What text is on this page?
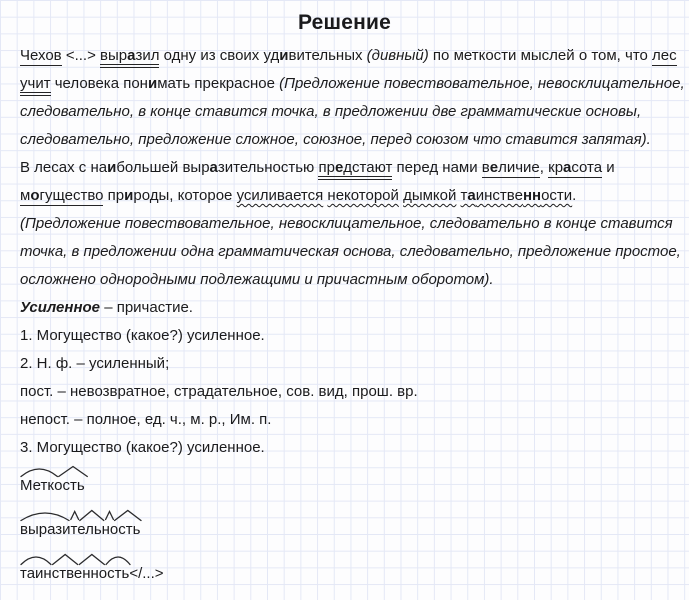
Решение
Чехов <...> выразил одну из своих удивительных (дивный) по меткости мыслей о том, что лес
учит человека понимать прекрасное (Предложение повествовательное, невосклицательное,
следовательно, в конце ставится точка, в предложении две грамматические основы,
следовательно, предложение сложное, союзное, перед союзом что ставится запятая).
В лесах с наибольшей выразительностью предстают перед нами величие, красота и
могущество природы, которое усиливается некоторой дымкой таинственности.
(Предложение повествовательное, невосклицательное, следовательно в конце ставится
точка, в предложении одна грамматическая основа, следовательно, предложение простое,
осложнено однородными подлежащими и причастным оборотом).
Усиленное – причастие.
1. Могущество (какое?) усиленное.
2. Н. ф. – усиленный;
пост. – невозвратное, страдательное, сов. вид, прош. вр.
непост. – полное, ед. ч., м. р., Им. п.
3. Могущество (какое?) усиленное.
Меткость
выразительность
таинственность</...>
